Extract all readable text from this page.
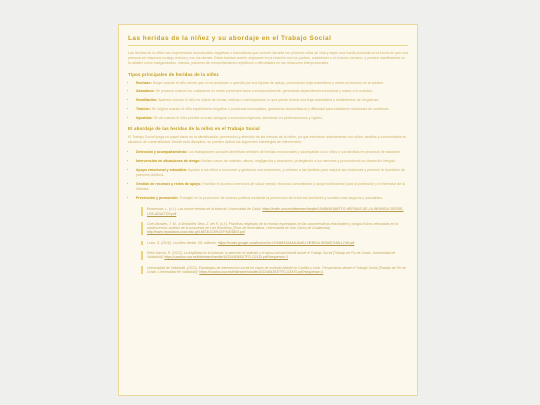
Las heridas de la niñez y su abordaje en el Trabajo Social

Las heridas de la niñez son experiencias emocionales negativas o traumáticas que ocurren durante los primeros años de vida y dejan una huella profunda en la forma en que una persona se relaciona consigo misma y con los demás. Estas heridas suelen originarse en la relación con los padres, cuidadores o el entorno cercano, y pueden manifestarse en la adultez como inseguridades, miedos, patrones de comportamiento repetitivos o dificultades en las relaciones interpersonales.

Tipos principales de heridas de la niñez
• Rechazo: Surge cuando el niño siente que no es aceptado o querido por sus figuras de apego, provocando baja autoestima y miedo al rechazo en la adultez.
• Abandono: Se produce cuando los cuidadores no están presentes física o emocionalmente, generando dependencia emocional y miedo a la soledad.
• Humillación: Aparece cuando el niño es objeto de burlas, críticas o menosprecios, lo que puede formar una baja autoestima y sentimientos de vergüenza.
• Traición: Se origina cuando el niño experimenta engaños o promesas incumplidas, generando desconfianza y dificultad para establecer relaciones de confianza.
• Injusticia: Se da cuando el niño percibe un trato desigual o excesiva exigencia, derivando en perfeccionismo y rigidez.
El abordaje de las heridas de la niñez en el Trabajo Social

El Trabajo Social juega un papel clave en la identificación, prevención y atención de las heridas de la niñez, ya que interviene directamente con niños, familias y comunidades en situación de vulnerabilidad. Desde esta disciplina, se pueden aplicar las siguientes estrategias de intervención:

• Detección y acompañamiento: Los trabajadores sociales identifican señales de heridas emocionales y acompañan a los niños y sus familias en procesos de sanación.
• Intervención en situaciones de riesgo: Actúan casos de maltrato, abuso, negligencia y abandono, protegiendo a los menores y promoviendo su desarrollo integral.
• Apoyo emocional y educativo: Ayudan a los niños a reconocer y gestionar sus emociones, y orientan a las familias para mejorar las relaciones y prevenir la repetición de patrones dañinos.
• Gestión de recursos y redes de apoyo: Facilitan el acceso a servicios de salud mental, recursos comunitarios y apoyo institucional para la protección y el bienestar de la infancia.
• Prevención y promoción: Trabajan en la promoción de crianza positiva mediante la prevención de entornos familiares y sociales más seguros y saludables.
Bordenave, L. (s.f.). Las nueve heridas de la infancia. Universidad de Cádiz. https://rodin.uca.es/bitstream/handle/10498/45186/TFG-HERIDAS-DE-LA-INFANCIA-DESDE-LOS-ADULTOS.pdf
Coel-Morales, T. M., & Montañez Vera, Z. del R. (s.f.). Prácticas negativas de la crianza expresadas en las características relacionales y rasgos físicos reforzadas en la adolescencia: análisis de la propuesta de Lise Bourbeau [Tesis de licenciatura, Universidad de San Carlos de Guatemala]. http://www.repositorio.usac.edu.gt/16573/1/15%20T%203803.pdf
Lowo, S. (2018). La niñez herida. ISL editores. https://books.google.com/books?id=CKM48X3JAAAJ&AKJ.HERIDA-SEBASTIAN-LOW.pdf
Rielo García, R. (2023). La fragilidad en la infancia: la atención al maltrato y el abuso sexual infantil desde el Trabajo Social [Trabajo de Fin de Grado, Universidad de Valladolid]. https://uvadoc.uva.es/bitstream/handle/10324/40481/TFG-G2110.pdf?sequence=1
Universidad de Valladolid. (2023). Estrategias de intervención social en casos de maltrato infantil en Castilla y León. Perspectivas desde el Trabajo Social [Trabajo de Fin de Grado, Universidad de Valladolid]. https://uvadoc.uva.es/bitstream/handle/10324/64393/TFG-G3470.pdf?sequence=1
